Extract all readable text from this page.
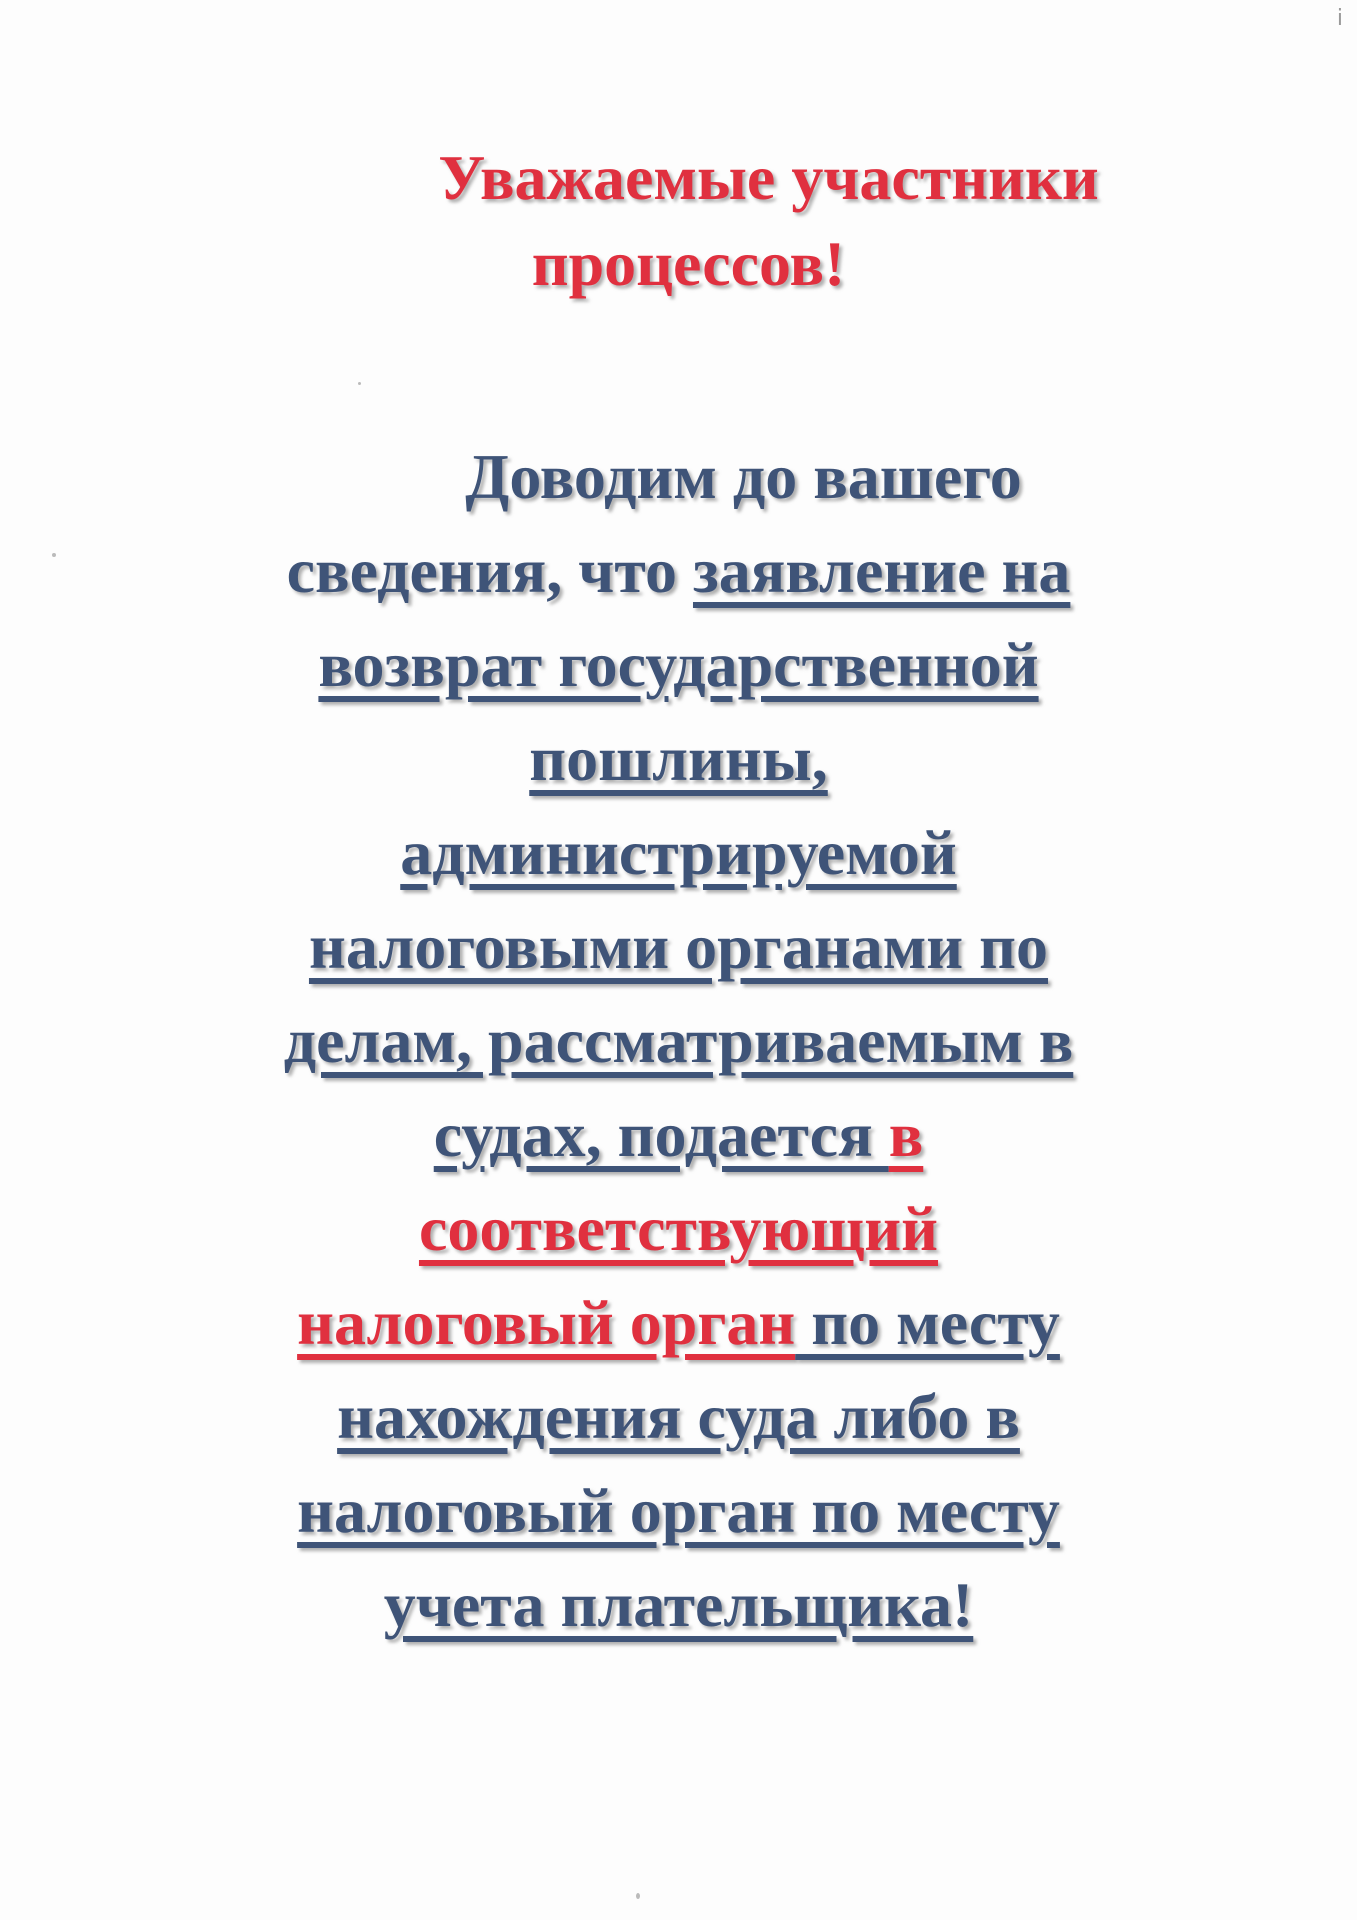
ⅰ
Уважаемые участники
процессов!
Доводим до вашего
сведения, что заявление на
возврат государственной
пошлины,
администрируемой
налоговыми органами по
делам, рассматриваемым в
судах, подается в
соответствующий
налоговый орган по месту
нахождения суда либо в
налоговый орган по месту
учета плательщика!
